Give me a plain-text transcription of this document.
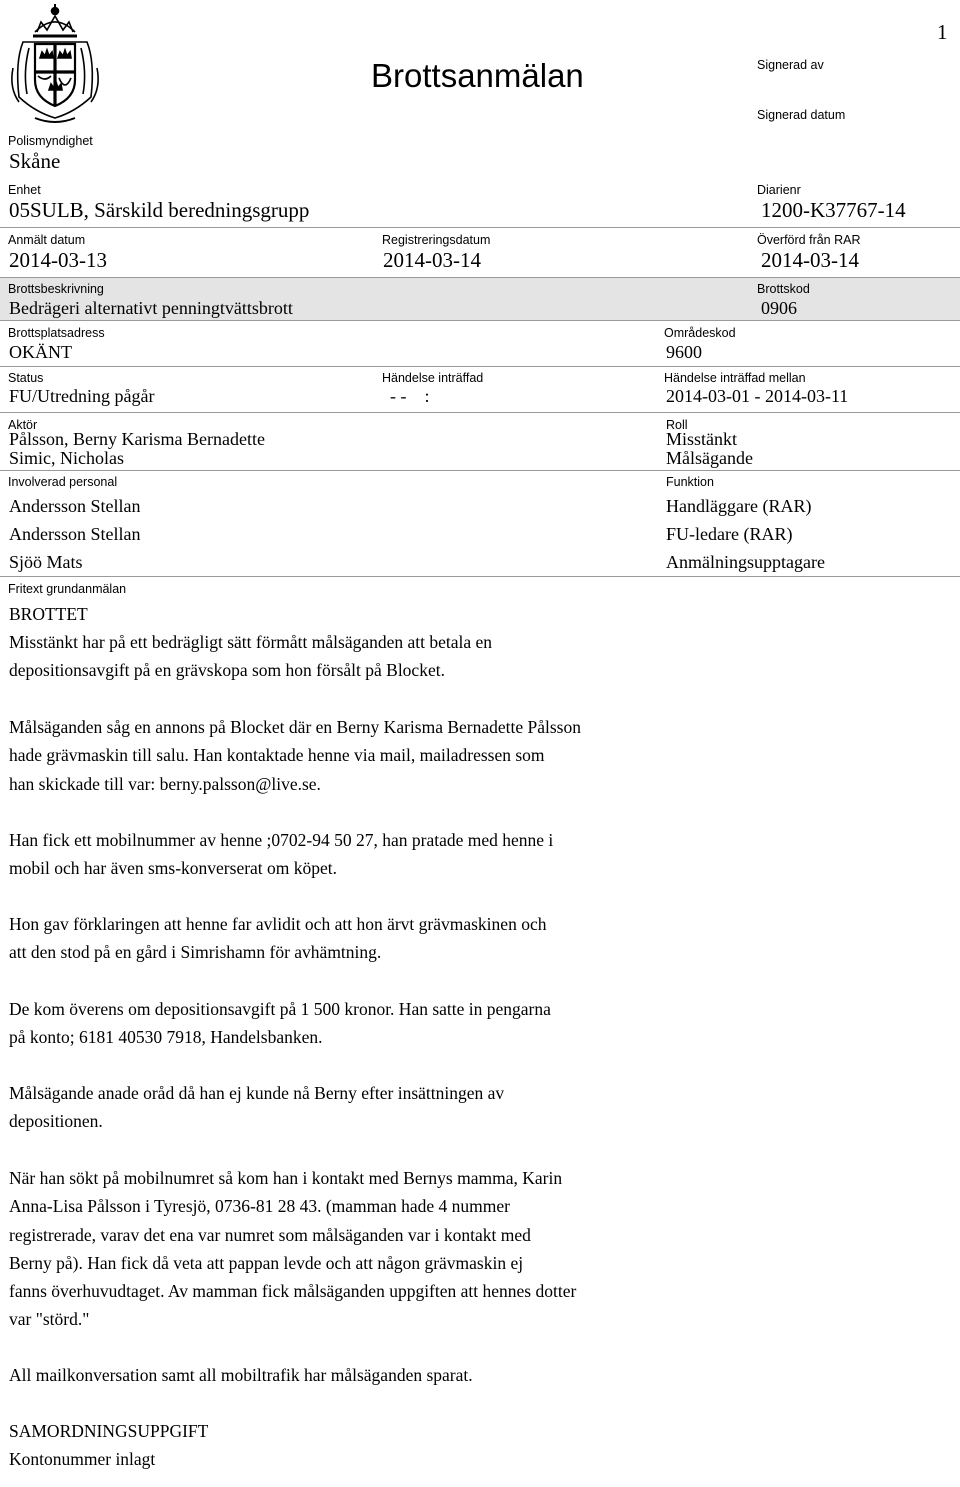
1
Brottsanmälan	Signerad av
Signerad datum
Polismyndighet
Skåne
Enhet
05SULB, Särskild beredningsgrupp
Diarienr
1200-K37767-14
Anmält datum
2014-03-13
Registreringsdatum
2014-03-14
Överförd från RAR
2014-03-14
Brottsbeskrivning
Bedrägeri alternativt penningtvättsbrott
Brottskod
0906
Brottsplatsadress
OKÄNT
Områdeskod
9600
Status
FU/Utredning pågår
Händelse inträffad
- -    :
Händelse inträffad mellan
2014-03-01 - 2014-03-11
Aktör	Roll
Pålsson, Berny Karisma Bernadette	Misstänkt
Simic, Nicholas	Målsägande
Involverad personal	Funktion
Andersson Stellan	Handläggare (RAR)
Andersson Stellan	FU-ledare (RAR)
Sjöö Mats	Anmälningsupptagare
Fritext grundanmälan
BROTTET
Misstänkt har på ett bedrägligt sätt förmått målsäganden att betala en
depositionsavgift på en grävskopa som hon försålt på Blocket.
Målsäganden såg en annons på Blocket där en Berny Karisma Bernadette Pålsson
hade grävmaskin till salu. Han kontaktade henne via mail, mailadressen som
han skickade till var: berny.palsson@live.se.
Han fick ett mobilnummer av henne ;0702-94 50 27, han pratade med henne i
mobil och har även sms-konverserat om köpet.
Hon gav förklaringen att henne far avlidit och att hon ärvt grävmaskinen och
att den stod på en gård i Simrishamn för avhämtning.
De kom överens om depositionsavgift på 1 500 kronor. Han satte in pengarna
på konto; 6181 40530 7918, Handelsbanken.
Målsägande anade oråd då han ej kunde nå Berny efter insättningen av
depositionen.
När han sökt på mobilnumret så kom han i kontakt med Bernys mamma, Karin
Anna-Lisa Pålsson i Tyresjö, 0736-81 28 43. (mamman hade 4 nummer
registrerade, varav det ena var numret som målsäganden var i kontakt med
Berny på). Han fick då veta att pappan levde och att någon grävmaskin ej
fanns överhuvudtaget. Av mamman fick målsäganden uppgiften att hennes dotter
var "störd."
All mailkonversation samt all mobiltrafik har målsäganden sparat.
SAMORDNINGSUPPGIFT
Kontonummer inlagt
